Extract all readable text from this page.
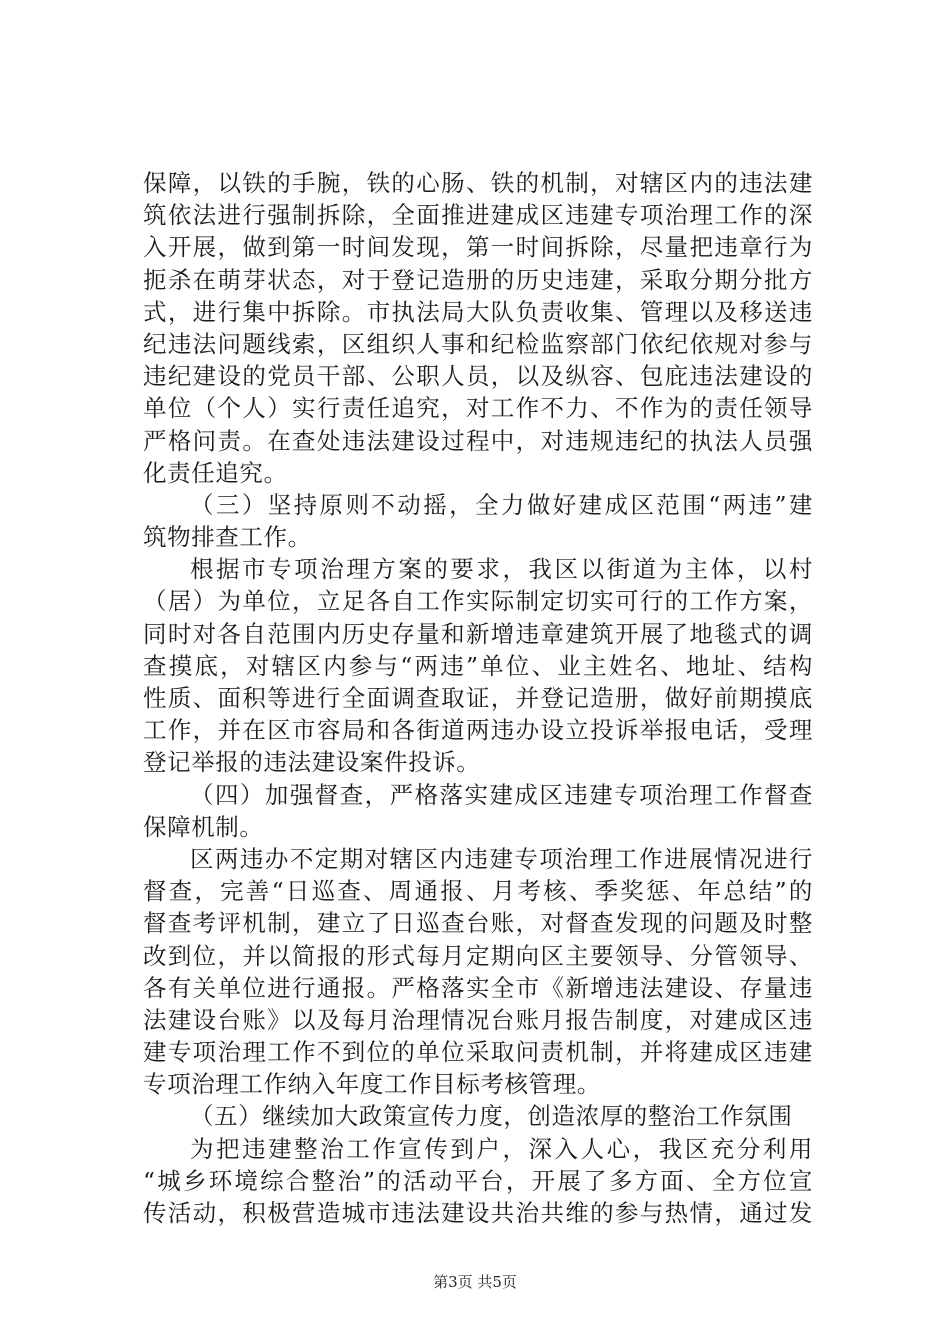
保障，以铁的手腕，铁的心肠、铁的机制，对辖区内的违法建
筑依法进行强制拆除，全面推进建成区违建专项治理工作的深
入开展，做到第一时间发现，第一时间拆除，尽量把违章行为
扼杀在萌芽状态，对于登记造册的历史违建，采取分期分批方
式，进行集中拆除。市执法局大队负责收集、管理以及移送违
纪违法问题线索，区组织人事和纪检监察部门依纪依规对参与
违纪建设的党员干部、公职人员，以及纵容、包庇违法建设的
单位（个人）实行责任追究，对工作不力、不作为的责任领导
严格问责。在查处违法建设过程中，对违规违纪的执法人员强
化责任追究。
（三）坚持原则不动摇，全力做好建成区范围“两违”建
筑物排查工作。
根据市专项治理方案的要求，我区以街道为主体，以村
（居）为单位，立足各自工作实际制定切实可行的工作方案，
同时对各自范围内历史存量和新增违章建筑开展了地毯式的调
查摸底，对辖区内参与“两违”单位、业主姓名、地址、结构
性质、面积等进行全面调查取证，并登记造册，做好前期摸底
工作，并在区市容局和各街道两违办设立投诉举报电话，受理
登记举报的违法建设案件投诉。
（四）加强督查，严格落实建成区违建专项治理工作督查
保障机制。
区两违办不定期对辖区内违建专项治理工作进展情况进行
督查，完善“日巡查、周通报、月考核、季奖惩、年总结”的
督查考评机制，建立了日巡查台账，对督查发现的问题及时整
改到位，并以简报的形式每月定期向区主要领导、分管领导、
各有关单位进行通报。严格落实全市《新增违法建设、存量违
法建设台账》以及每月治理情况台账月报告制度，对建成区违
建专项治理工作不到位的单位采取问责机制，并将建成区违建
专项治理工作纳入年度工作目标考核管理。
（五）继续加大政策宣传力度，创造浓厚的整治工作氛围
为把违建整治工作宣传到户，深入人心，我区充分利用
“城乡环境综合整治”的活动平台，开展了多方面、全方位宣
传活动，积极营造城市违法建设共治共维的参与热情，通过发
第3页 共5页
